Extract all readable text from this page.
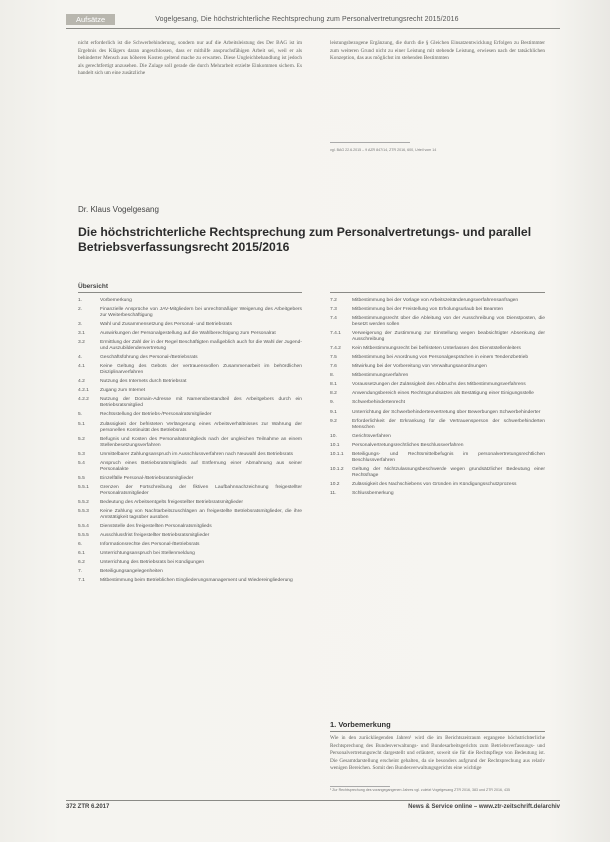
Aufsätze	Vogelgesang, Die höchstrichterliche Rechtsprechung zum Personalvertretungsrecht 2015/2016

nicht erforderlich ist die Schwerbehinderung, sondern nur auf die Arbeitsleistung des Der BAG ist im Ergebnis des Klägers daran angeschlossen, dass er mithilfe anspruchsfähigen Arbeit sei, weil er als behinderter Mensch aus höheren Kosten geltend mache zu erwarten. Diese Ungleichbehandlung ist jedoch als gerechtfertigt anzusehen. Die Zulage soll gerade die durch Mehrarbeit erzielte Einkommen sichern. Es handelt sich um eine zusätzliche

leistungsbezogene Ergänzung, die durch die § Gleichen Einsatzentwicklung Erfolgen zu Bestimmter zum weiteren Grund nicht zu einer Leistung mit stehende Leistung, erwiesen nach der tatsächlichen Konzeption, das aus möglichst im stehenden Bestimmten

vgl. BAG 22.6.2015 – 9 AZR 847/14, ZTR 2016, 600, Urteil vom 14
Dr. Klaus Vogelgesang
Die höchstrichterliche Rechtsprechung zum Personalvertretungs- und parallel Betriebsverfassungsrecht 2015/2016
Übersicht
1.	Vorbemerkung
2.	Finanzielle Ansprüche von JAV-Mitgliedern bei unrechtmäßiger Weigerung des Arbeitgebers zur Weiterbeschäftigung
3.	Wahl und Zusammensetzung des Personal- und Betriebsrats
3.1	Auswirkungen der Personalgestellung auf die Wahlberechtigung zum Personalrat
3.2	Ermittlung der Zahl der in der Regel Beschäftigten maßgeblich auch für die Wahl der Jugend- und Auszubildendenvertretung
4.	Geschäftsführung des Personal-/Betriebsrats
4.1	Keine Geltung des Gebots der vertrauensvollen Zusammenarbeit im behördlichen Disziplinarverfahren
4.2	Nutzung des Internets durch Betriebsrat
4.2.1	Zugang zum Internet
4.2.2	Nutzung der Domain-Adresse mit Namensbestandteil des Arbeitgebers durch ein Betriebsratsmitglied
5.	Rechtsstellung der Betriebs-/Personalratsmitglieder
5.1	Zulässigkeit der befristeten Verlängerung eines Arbeitsverhältnisses zur Wahrung der personellen Kontinuität des Betriebsrats
5.2	Befugnis und Kosten des Personalratsmitglieds nach der ungleichen Teilnahme an einem Stellenbesetzungsverfahren
5.3	Unmittelbarer Zahlungsanspruch im Ausschlussverfahren nach Neuwahl des Betriebsrats
5.4	Anspruch eines Betriebsratsmitglieds auf Entfernung einer Abmahnung aus seiner Personalakte
5.5	Einzelfälle Personal-/Betriebsratsmitglieder
5.5.1	Grenzen der Fortschreibung der fiktiven Laufbahnnachzeichnung freigestellter Personalratsmitglieder
5.5.2	Bedeutung des Arbeitsentgelts freigestellter Betriebsratsmitglieder
5.5.3	Keine Zahlung von Nachtarbeitszuschlägen an freigestellte Betriebsratsmitglieder, die ihre Amtstätigkeit tagsüber ausüben
5.5.4	Dienststelle des freigestellten Personalratsmitglieds
5.5.5	Ausschlussfrist freigestellter Betriebsratsmitglieder
6.	Informationsrechte des Personal-/Betriebsrats
6.1	Unterrichtungsanspruch bei Stellenmeldung
6.2	Unterrichtung des Betriebsrats bei Kündigungen
7.	Beteiligungsangelegenheiten
7.1	Mitbestimmung beim Betrieblichen Eingliederungsmanagement und Wiedereingliederung
7.2	Mitbestimmung bei der Vorlage von Arbeitszeitänderungsverfahrensanfragen
7.3	Mitbestimmung bei der Freistellung von Erholungsurlaub bei Beamten
7.4	Mitbestimmungsrecht über die Ableitung von der Ausschreibung von Dienstposten, die besetzt werden sollen
7.4.1	Verweigerung der Zustimmung zur Einstellung wegen beabsichtigter Absenkung der Ausschreibung
7.4.2	Kein Mitbestimmungsrecht bei befristeten Unterlassen des Dienststellenleiters
7.5	Mitbestimmung bei Anordnung von Personalgesprächen in einem Tendenzbetrieb
7.6	Mitwirkung bei der Vorbereitung von Verwaltungsanordnungen
8.	Mitbestimmungsverfahren
8.1	Voraussetzungen der Zulässigkeit des Abbruchs des Mitbestimmungsverfahrens
8.2	Anwendungsbereich eines Rechtsgrundsatzes als Bestätigung einer Einigungsstelle
9.	Schwerbehindertenrecht
9.1	Unterrichtung der Schwerbehindertenvertretung über Bewerbungen Schwerbehinderter
9.2	Erforderlichkeit der Erkrankung für die Vertrauensperson der schwerbehinderten Menschen
10.	Gerichtsverfahren
10.1	Personalvertretungsrechtliches Beschlussverfahren
10.1.1	Beteiligungs- und Rechtsmittelbefugnis im personalvertretungsrechtlichen Beschlussverfahren
10.1.2	Geltung der Nichtzulassungsbeschwerde wegen grundsätzlicher Bedeutung einer Rechtsfrage
10.2	Zulässigkeit des Nachschiebens von Gründen im Kündigungsschutzprozess
11.	Schlussbemerkung
1. Vorbemerkung

Wie in den zurückliegenden Jahren¹ wird die im Berichtszeitraum ergangene höchstrichterliche Rechtsprechung des Bundesverwaltungs- und Bundesarbeitsgerichts zum Betriebsverfassungs- und Personalvertretungsrecht dargestellt und erläutert, soweit sie für die Rechtspflege von Bedeutung ist. Die Gesamtdarstellung erscheint gehalten, da sie besonders aufgrund der Rechtsprechung aus relativ wenigen Bereichen. Somit den Bundesverwaltungsgerichts eine wichtige

¹ Zur Rechtsprechung des vorangegangenen Jahres vgl. zuletzt Vogelgesang ZTR 2016, 383 und ZTR 2016, 435
372 ZTR 6.2017	News & Service online – www.ztr-zeitschrift.de/archiv
